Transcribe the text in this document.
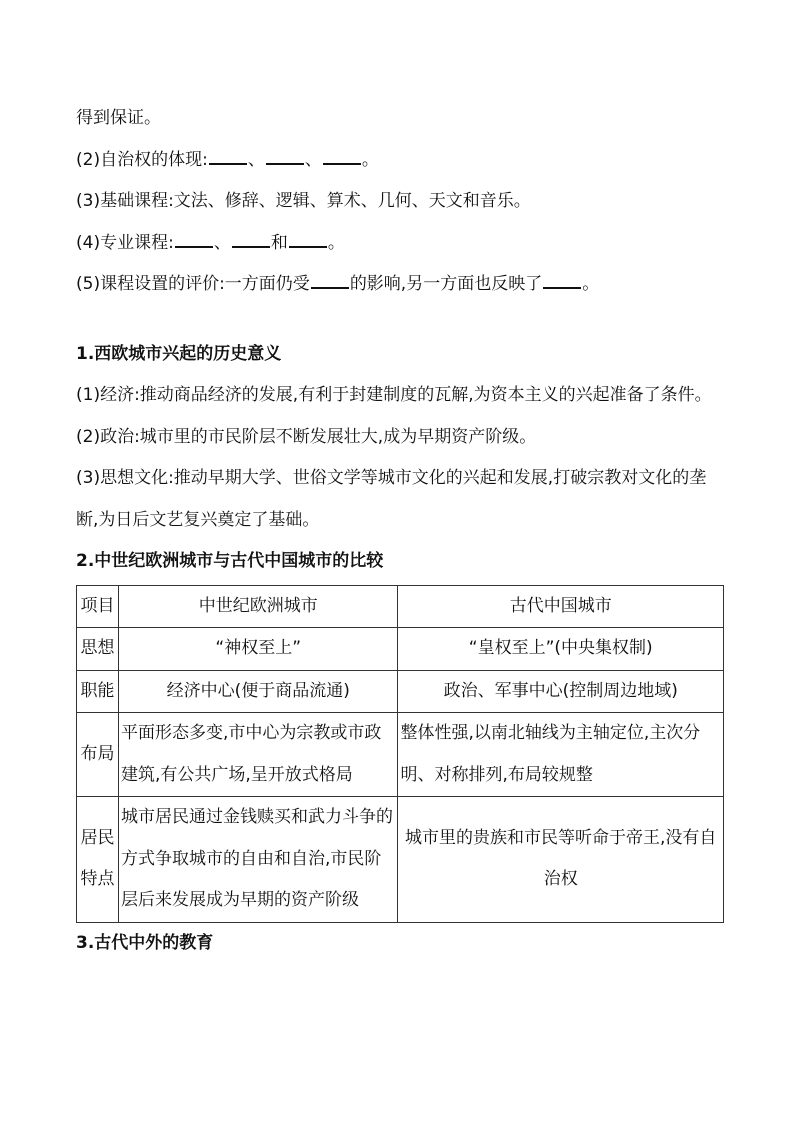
得到保证。
(2)自治权的体现: 、 、 。
(3)基础课程:文法、修辞、逻辑、算术、几何、天文和音乐。
(4)专业课程: 、 和 。
(5)课程设置的评价:一方面仍受 的影响,另一方面也反映了 。
1.西欧城市兴起的历史意义
(1)经济:推动商品经济的发展,有利于封建制度的瓦解,为资本主义的兴起准备了条件。
(2)政治:城市里的市民阶层不断发展壮大,成为早期资产阶级。
(3)思想文化:推动早期大学、世俗文学等城市文化的兴起和发展,打破宗教对文化的垄断,为日后文艺复兴奠定了基础。
2.中世纪欧洲城市与古代中国城市的比较
项目	中世纪欧洲城市	古代中国城市
思想	“神权至上”	“皇权至上”(中央集权制)
职能	经济中心(便于商品流通)	政治、军事中心(控制周边地域)
布局	平面形态多变,市中心为宗教或市政建筑,有公共广场,呈开放式格局	整体性强,以南北轴线为主轴定位,主次分明、对称排列,布局较规整
居民特点	城市居民通过金钱赎买和武力斗争的方式争取城市的自由和自治,市民阶层后来发展成为早期的资产阶级	城市里的贵族和市民等听命于帝王,没有自治权
3.古代中外的教育
